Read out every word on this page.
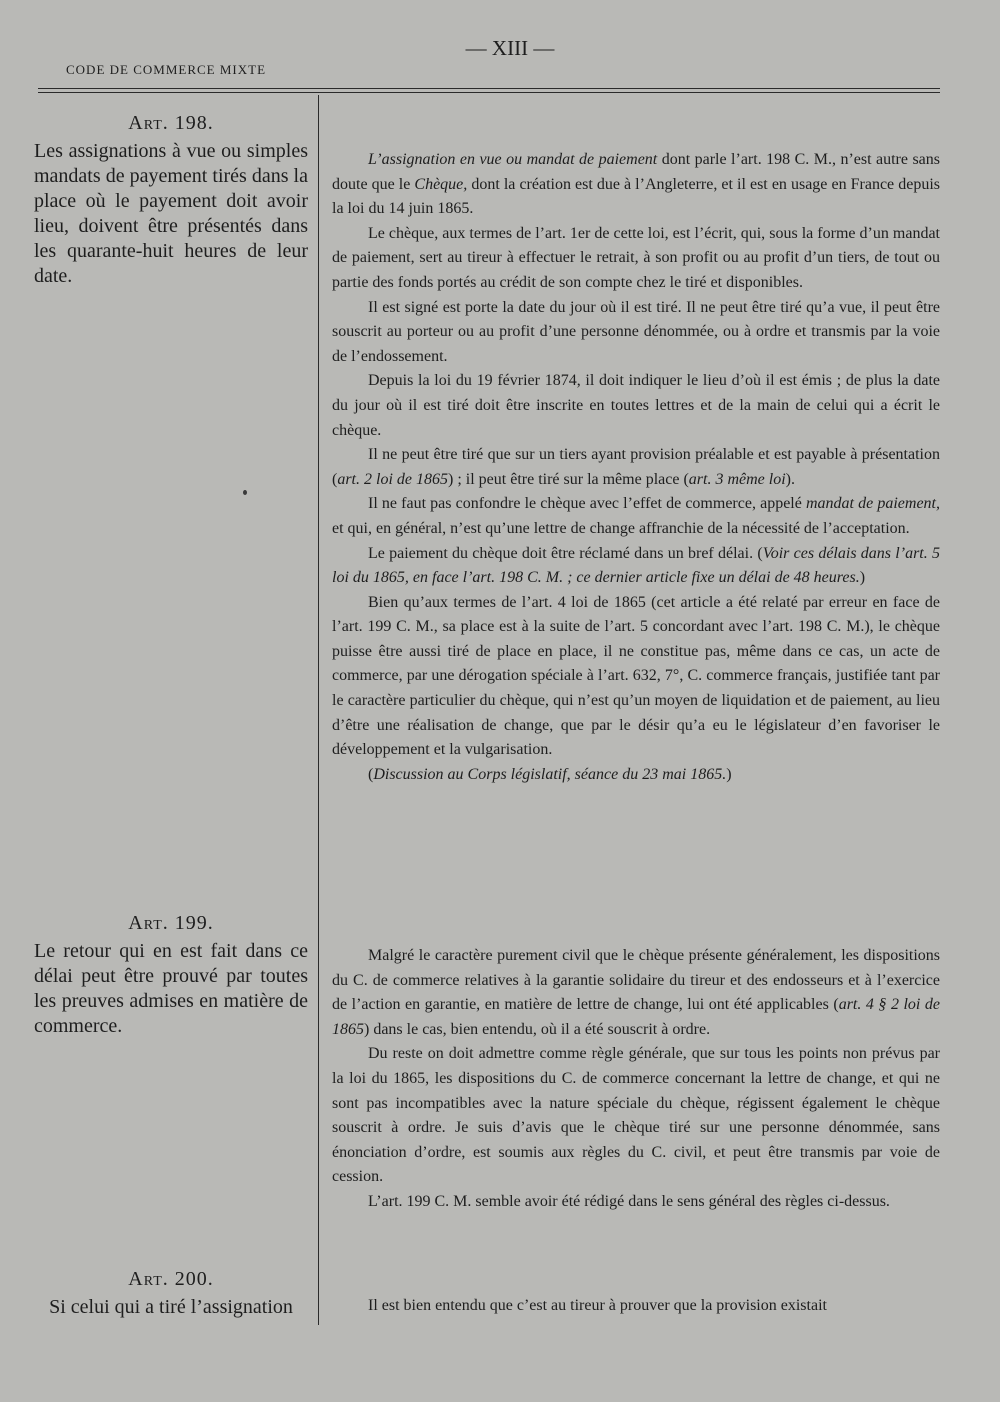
CODE DE COMMERCE MIXTE
— XIII —

Art. 198.

Les assignations à vue ou simples mandats de payement tirés dans la place où le payement doit avoir lieu, doivent être présentés dans les quarante-huit heures de leur date.

Art. 199.

Le retour qui en est fait dans ce délai peut être prouvé par toutes les preuves admises en matière de commerce.

Art. 200.

Si celui qui a tiré l’assignation

L’assignation en vue ou mandat de paiement dont parle l’art. 198 C. M., n’est autre sans doute que le Chèque, dont la création est due à l’Angleterre, et il est en usage en France depuis la loi du 14 juin 1865.

Le chèque, aux termes de l’art. 1er de cette loi, est l’écrit, qui, sous la forme d’un mandat de paiement, sert au tireur à effectuer le retrait, à son profit ou au profit d’un tiers, de tout ou partie des fonds portés au crédit de son compte chez le tiré et disponibles.

Il est signé est porte la date du jour où il est tiré. Il ne peut être tiré qu’a vue, il peut être souscrit au porteur ou au profit d’une personne dénommée, ou à ordre et transmis par la voie de l’endossement.

Depuis la loi du 19 février 1874, il doit indiquer le lieu d’où il est émis ; de plus la date du jour où il est tiré doit être inscrite en toutes lettres et de la main de celui qui a écrit le chèque.

Il ne peut être tiré que sur un tiers ayant provision préalable et est payable à présentation (art. 2 loi de 1865) ; il peut être tiré sur la même place (art. 3 même loi).

Il ne faut pas confondre le chèque avec l’effet de commerce, appelé mandat de paiement, et qui, en général, n’est qu’une lettre de change affranchie de la nécessité de l’acceptation.

Le paiement du chèque doit être réclamé dans un bref délai. (Voir ces délais dans l’art. 5 loi du 1865, en face l’art. 198 C. M. ; ce dernier article fixe un délai de 48 heures.)

Bien qu’aux termes de l’art. 4 loi de 1865 (cet article a été relaté par erreur en face de l’art. 199 C. M., sa place est à la suite de l’art. 5 concordant avec l’art. 198 C. M.), le chèque puisse être aussi tiré de place en place, il ne constitue pas, même dans ce cas, un acte de commerce, par une dérogation spéciale à l’art. 632, 7°, C. commerce français, justifiée tant par le caractère particulier du chèque, qui n’est qu’un moyen de liquidation et de paiement, au lieu d’être une réalisation de change, que par le désir qu’a eu le législateur d’en favoriser le développement et la vulgarisation.

(Discussion au Corps législatif, séance du 23 mai 1865.)

Malgré le caractère purement civil que le chèque présente généralement, les dispositions du C. de commerce relatives à la garantie solidaire du tireur et des endosseurs et à l’exercice de l’action en garantie, en matière de lettre de change, lui ont été applicables (art. 4 § 2 loi de 1865) dans le cas, bien entendu, où il a été souscrit à ordre.

Du reste on doit admettre comme règle générale, que sur tous les points non prévus par la loi du 1865, les dispositions du C. de commerce concernant la lettre de change, et qui ne sont pas incompatibles avec la nature spéciale du chèque, régissent également le chèque souscrit à ordre. Je suis d’avis que le chèque tiré sur une personne dénommée, sans énonciation d’ordre, est soumis aux règles du C. civil, et peut être transmis par voie de cession.

L’art. 199 C. M. semble avoir été rédigé dans le sens général des règles ci-dessus.

Il est bien entendu que c’est au tireur à prouver que la provision existait
